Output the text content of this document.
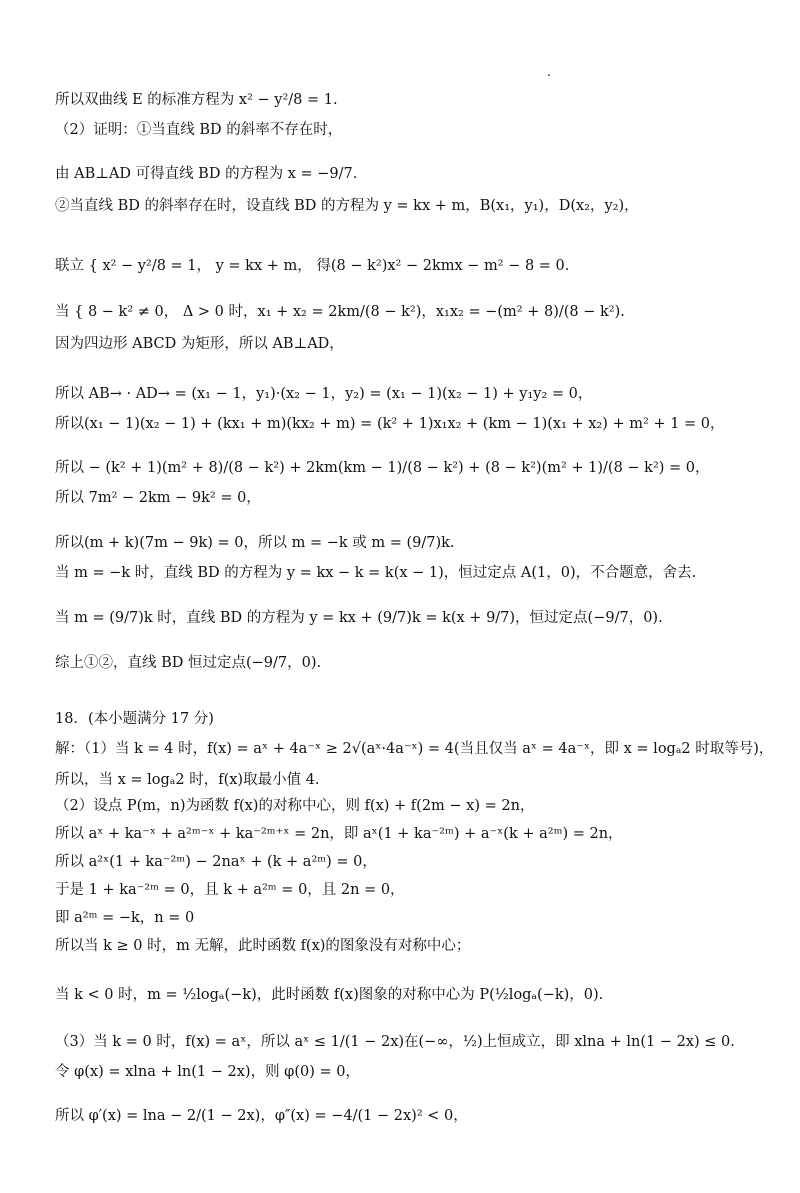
所以双曲线 E 的标准方程为 x² − y²/8 = 1.
（2）证明：①当直线 BD 的斜率不存在时，
由 AB⊥AD 可得直线 BD 的方程为 x = −9/7.
②当直线 BD 的斜率存在时，设直线 BD 的方程为 y = kx + m，B(x₁，y₁)，D(x₂，y₂)，
联立 { x² − y²/8 = 1， y = kx + m， 得(8 − k²)x² − 2kmx − m² − 8 = 0.
当 { 8 − k² ≠ 0， Δ > 0 时，x₁ + x₂ = 2km/(8 − k²)，x₁x₂ = −(m² + 8)/(8 − k²).
因为四边形 ABCD 为矩形，所以 AB⊥AD，
所以 AB→ · AD→ = (x₁ − 1，y₁)·(x₂ − 1，y₂) = (x₁ − 1)(x₂ − 1) + y₁y₂ = 0，
所以(x₁ − 1)(x₂ − 1) + (kx₁ + m)(kx₂ + m) = (k² + 1)x₁x₂ + (km − 1)(x₁ + x₂) + m² + 1 = 0，
所以 − (k² + 1)(m² + 8)/(8 − k²) + 2km(km − 1)/(8 − k²) + (8 − k²)(m² + 1)/(8 − k²) = 0，
所以 7m² − 2km − 9k² = 0，
所以(m + k)(7m − 9k) = 0，所以 m = −k 或 m = (9/7)k.
当 m = −k 时，直线 BD 的方程为 y = kx − k = k(x − 1)，恒过定点 A(1，0)，不合题意，舍去.
当 m = (9/7)k 时，直线 BD 的方程为 y = kx + (9/7)k = k(x + 9/7)，恒过定点(−9/7，0).
综上①②，直线 BD 恒过定点(−9/7，0).
18．(本小题满分 17 分)
解：（1）当 k = 4 时，f(x) = aˣ + 4a⁻ˣ ≥ 2√(aˣ·4a⁻ˣ) = 4(当且仅当 aˣ = 4a⁻ˣ，即 x = logₐ2 时取等号)，
所以，当 x = logₐ2 时，f(x)取最小值 4.
（2）设点 P(m，n)为函数 f(x)的对称中心，则 f(x) + f(2m − x) = 2n，
所以 aˣ + ka⁻ˣ + a²ᵐ⁻ˣ + ka⁻²ᵐ⁺ˣ = 2n，即 aˣ(1 + ka⁻²ᵐ) + a⁻ˣ(k + a²ᵐ) = 2n，
所以 a²ˣ(1 + ka⁻²ᵐ) − 2naˣ + (k + a²ᵐ) = 0，
于是 1 + ka⁻²ᵐ = 0，且 k + a²ᵐ = 0，且 2n = 0，
即 a²ᵐ = −k，n = 0
所以当 k ≥ 0 时，m 无解，此时函数 f(x)的图象没有对称中心；
当 k < 0 时，m = ½logₐ(−k)，此时函数 f(x)图象的对称中心为 P(½logₐ(−k)，0).
（3）当 k = 0 时，f(x) = aˣ，所以 aˣ ≤ 1/(1 − 2x)在(−∞，½)上恒成立，即 xlna + ln(1 − 2x) ≤ 0.
令 φ(x) = xlna + ln(1 − 2x)，则 φ(0) = 0，
所以 φ′(x) = lna − 2/(1 − 2x)，φ″(x) = −4/(1 − 2x)² < 0，
